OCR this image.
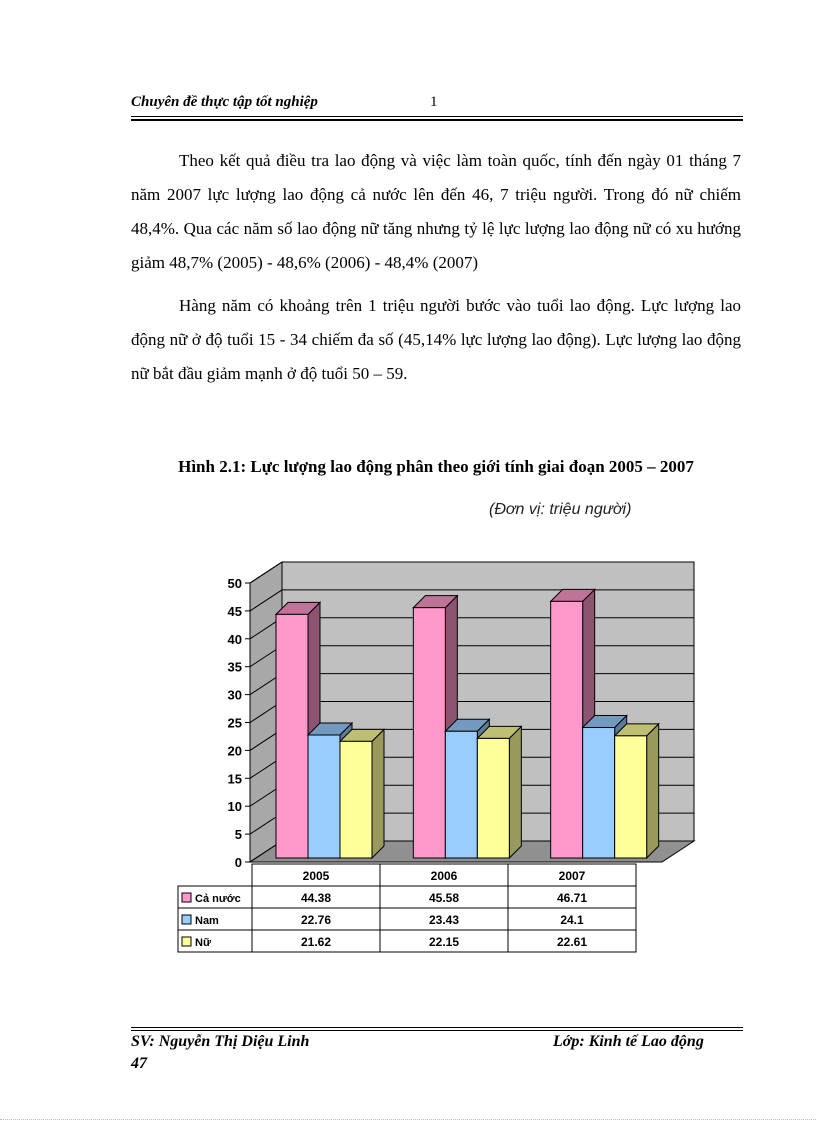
Chuyên đề thực tập tốt nghiệp	1

Theo kết quả điều tra lao động và việc làm toàn quốc, tính đến ngày 01 tháng 7 năm 2007 lực lượng lao động cả nước lên đến 46, 7 triệu người. Trong đó nữ chiếm 48,4%. Qua các năm số lao động nữ tăng nhưng tỷ lệ lực lượng lao động nữ có xu hướng giảm 48,7% (2005) - 48,6% (2006) - 48,4% (2007)

Hàng năm có khoảng trên 1 triệu người bước vào tuổi lao động. Lực lượng lao động nữ ở độ tuổi 15 - 34 chiếm đa số (45,14% lực lượng lao động). Lực lượng lao động nữ bắt đầu giảm mạnh ở độ tuổi 50 – 59.

Hình 2.1: Lực lượng lao động phân theo giới tính giai đoạn 2005 – 2007
(Đơn vị: triệu người)
0
5
10
15
20
25
30
35
40
45
50
2005	2006	2007
Cả nước	44.38	45.58	46.71
Nam	22.76	23.43	24.1
Nữ	21.62	22.15	22.61
SV: Nguyễn Thị Diệu Linh	Lớp: Kinh tế Lao động
47
